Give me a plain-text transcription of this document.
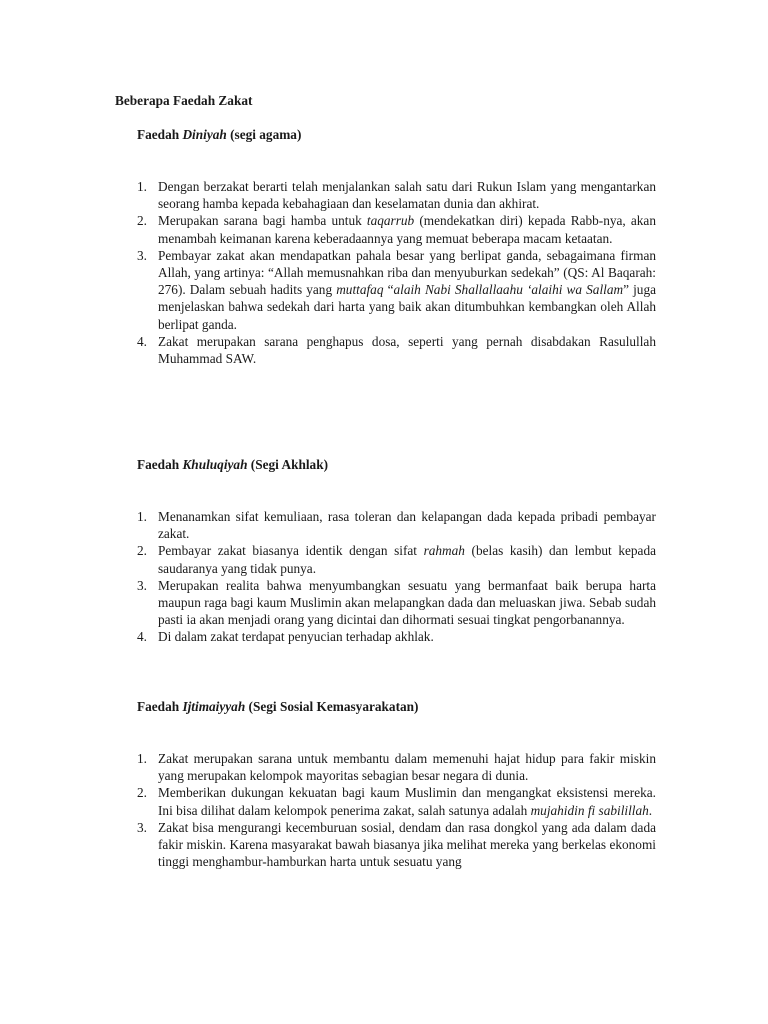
Beberapa Faedah Zakat
Faedah Diniyah (segi agama)
1. Dengan berzakat berarti telah menjalankan salah satu dari Rukun Islam yang mengantarkan seorang hamba kepada kebahagiaan dan keselamatan dunia dan akhirat.
2. Merupakan sarana bagi hamba untuk taqarrub (mendekatkan diri) kepada Rabb-nya, akan menambah keimanan karena keberadaannya yang memuat beberapa macam ketaatan.
3. Pembayar zakat akan mendapatkan pahala besar yang berlipat ganda, sebagaimana firman Allah, yang artinya: “Allah memusnahkan riba dan menyuburkan sedekah” (QS: Al Baqarah: 276). Dalam sebuah hadits yang muttafaq “alaih Nabi Shallallaahu ‘alaihi wa Sallam” juga menjelaskan bahwa sedekah dari harta yang baik akan ditumbuhkan kembangkan oleh Allah berlipat ganda.
4. Zakat merupakan sarana penghapus dosa, seperti yang pernah disabdakan Rasulullah Muhammad SAW.
Faedah Khuluqiyah (Segi Akhlak)
1. Menanamkan sifat kemuliaan, rasa toleran dan kelapangan dada kepada pribadi pembayar zakat.
2. Pembayar zakat biasanya identik dengan sifat rahmah (belas kasih) dan lembut kepada saudaranya yang tidak punya.
3. Merupakan realita bahwa menyumbangkan sesuatu yang bermanfaat baik berupa harta maupun raga bagi kaum Muslimin akan melapangkan dada dan meluaskan jiwa. Sebab sudah pasti ia akan menjadi orang yang dicintai dan dihormati sesuai tingkat pengorbanannya.
4. Di dalam zakat terdapat penyucian terhadap akhlak.
Faedah Ijtimaiyyah (Segi Sosial Kemasyarakatan)
1. Zakat merupakan sarana untuk membantu dalam memenuhi hajat hidup para fakir miskin yang merupakan kelompok mayoritas sebagian besar negara di dunia.
2. Memberikan dukungan kekuatan bagi kaum Muslimin dan mengangkat eksistensi mereka. Ini bisa dilihat dalam kelompok penerima zakat, salah satunya adalah mujahidin fi sabilillah.
3. Zakat bisa mengurangi kecemburuan sosial, dendam dan rasa dongkol yang ada dalam dada fakir miskin. Karena masyarakat bawah biasanya jika melihat mereka yang berkelas ekonomi tinggi menghambur-hamburkan harta untuk sesuatu yang
